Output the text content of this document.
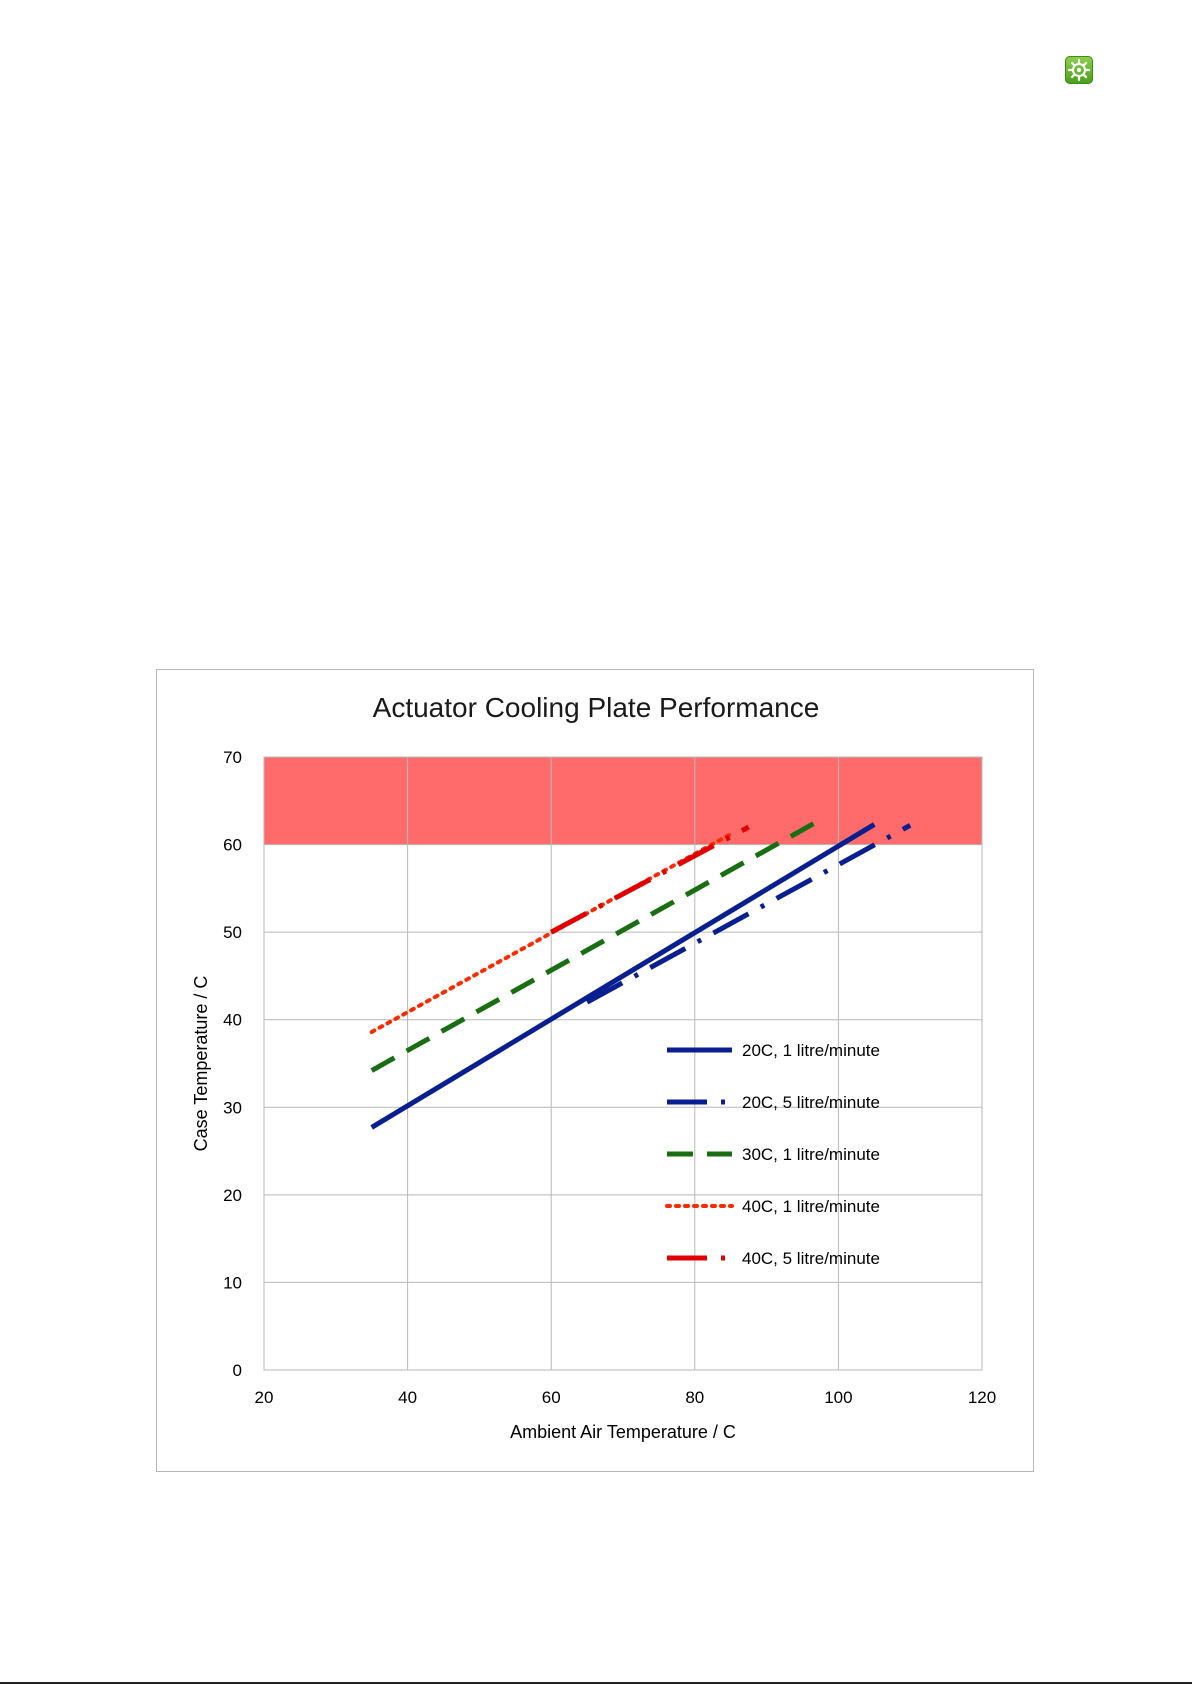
20	40	60	80	100	120
0
10
20
30
40
50
60
70
Actuator Cooling Plate Performance
Ambient Air Temperature / C
Case Temperature / C	20C, 1 litre/minute
20C, 5 litre/minute
30C, 1 litre/minute
40C, 1 litre/minute
40C, 5 litre/minute
